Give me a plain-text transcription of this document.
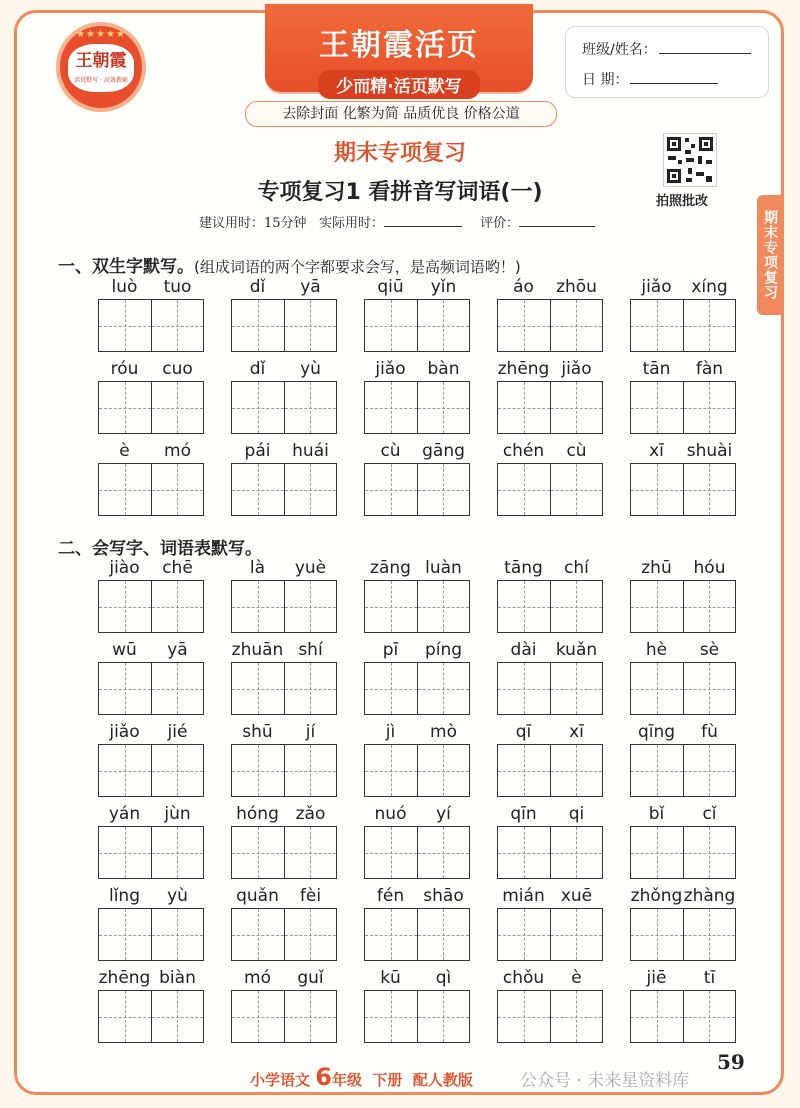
★★★★★
王朝霞
活页默写 · 高效教辅
王朝霞活页
少而精·活页默写
班级/姓名：
日 期：
去除封面 化繁为简 品质优良 价格公道
期末专项复习
专项复习1 看拼音写词语(一)	拍照批改
期末专项复习
建议用时：15分钟 实际用时：	评价：
一、双生字默写。(组成词语的两个字都要求会写，是高频词语哟！)
二、会写字、词语表默写。
luò	tuo	dǐ	yā	qiū	yǐn	áo	zhōu	jiǎo	xíng
róu	cuo	dǐ	yù	jiǎo	bàn	zhēng jiǎo	tān	fàn
è	mó	pái	huái	cù	gāng	chén	cù	xī	shuài
jiào	chē	là	yuè	zāng luàn	tāng	chí	zhū	hóu
wū	yā	zhuān shí	pī	píng	dài	kuǎn	hè	sè
jiǎo	jié	shū	jí	jì	mò	qī	xī	qīng	fù
yán	jùn	hóng zǎo	nuó	yí	qīn	qi	bǐ	cǐ
lǐng	yù	quǎn	fèi	fén	shāo	mián xuē	zhǒng zhàng
zhēng biàn	mó	guǐ	kū	qì	chǒu	è	jiē	tī
小学语文 6年级 下册 配人教版	公众号 · 未来星资料库
59
